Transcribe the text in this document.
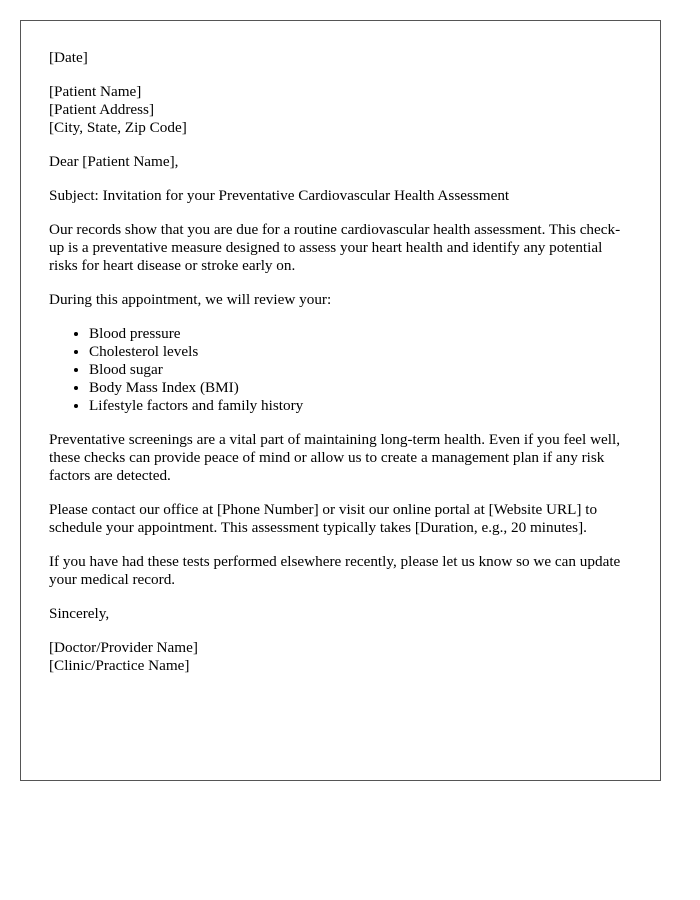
[Date]

[Patient Name]
[Patient Address]
[City, State, Zip Code]

Dear [Patient Name],

Subject: Invitation for your Preventative Cardiovascular Health Assessment

Our records show that you are due for a routine cardiovascular health assessment. This check-up is a preventative measure designed to assess your heart health and identify any potential risks for heart disease or stroke early on.

During this appointment, we will review your:

• Blood pressure
• Cholesterol levels
• Blood sugar
• Body Mass Index (BMI)
• Lifestyle factors and family history

Preventative screenings are a vital part of maintaining long-term health. Even if you feel well, these checks can provide peace of mind or allow us to create a management plan if any risk factors are detected.

Please contact our office at [Phone Number] or visit our online portal at [Website URL] to schedule your appointment. This assessment typically takes [Duration, e.g., 20 minutes].

If you have had these tests performed elsewhere recently, please let us know so we can update your medical record.

Sincerely,

[Doctor/Provider Name]
[Clinic/Practice Name]
